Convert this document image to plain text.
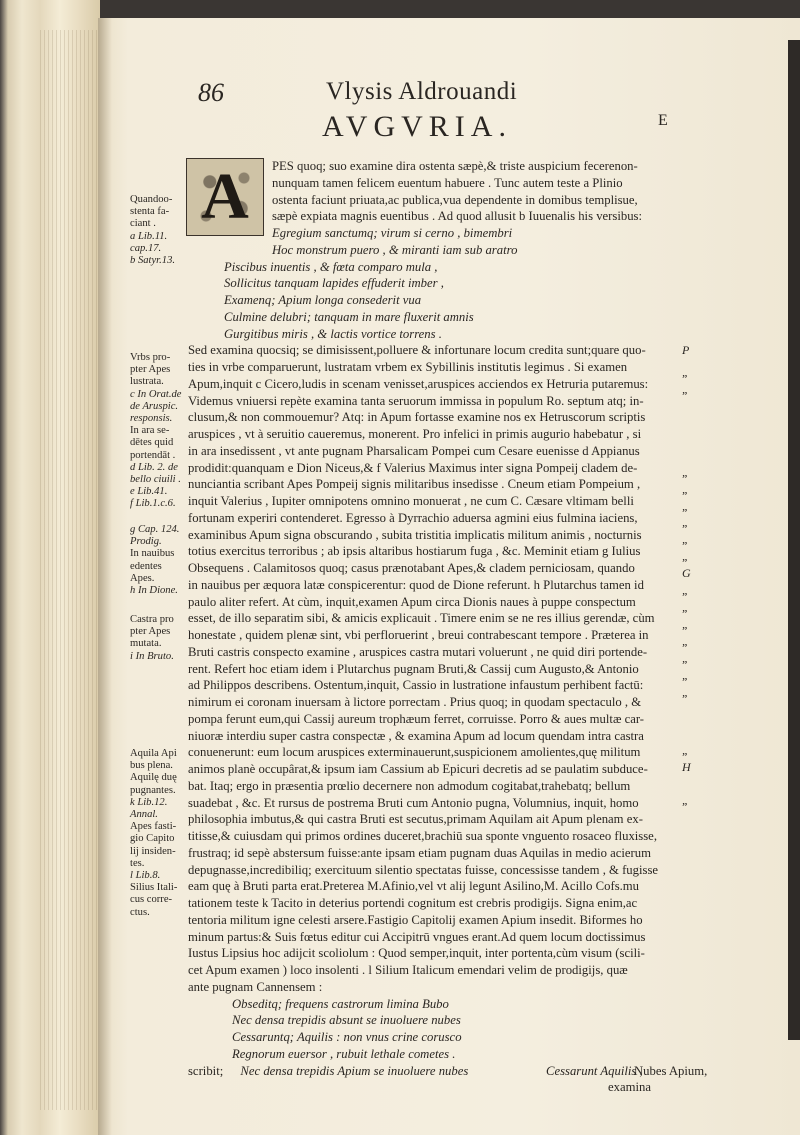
86	Vlysis Aldrouandi
AVGVRIA.	E
A	PES quoq; suo examine dira ostenta sæpè,& triste auspicium fecerenon-
nunquam tamen felicem euentum habuere . Tunc autem teste a Plinio
ostenta faciunt priuata,ac publica,vua dependente in domibus templisue,
sæpè expiata magnis euentibus . Ad quod allusit b Iuuenalis his versibus:
Egregium sanctumq; virum si cerno , bimembri
Hoc monstrum puero , & miranti iam sub aratro
Piscibus inuentis , & fœta comparo mula ,
Sollicitus tanquam lapides effuderit imber ,
Examenq; Apium longa consederit vua
Culmine delubri; tanquam in mare fluxerit amnis
Gurgitibus miris , & lactis vortice torrens .
Sed examina quocsiq; se dimisissent,polluere & infortunare locum credita sunt;quare quo-
ties in vrbe comparuerunt, lustratam vrbem ex Sybillinis institutis legimus . Si examen
Apum,inquit c Cicero,ludis in scenam venisset,aruspices acciendos ex Hetruria putaremus:
Videmus vniuersi repète examina tanta seruorum immissa in populum Ro. septum atq; in-
clusum,& non commouemur? Atq: in Apum fortasse examine nos ex Hetruscorum scriptis
aruspices , vt à seruitio caueremus, monerent. Pro infelici in primis augurio habebatur , si
in ara insedissent , vt ante pugnam Pharsalicam Pompei cum Cesare euenisse d Appianus
prodidit:quanquam e Dion Niceus,& f Valerius Maximus inter signa Pompeij cladem de-
nunciantia scribant Apes Pompeij signis militaribus insedisse . Cneum etiam Pompeium ,
inquit Valerius , Iupiter omnipotens omnino monuerat , ne cum C. Cæsare vltimam belli
fortunam experiri contenderet. Egresso à Dyrrachio aduersa agmini eius fulmina iaciens,
examinibus Apum signa obscurando , subita tristitia implicatis militum animis , nocturnis
totius exercitus terroribus ; ab ipsis altaribus hostiarum fuga , &c. Meminit etiam g Iulius
Obsequens . Calamitosos quoq; casus prænotabant Apes,& cladem perniciosam, quando
in nauibus per æquora latæ conspicerentur: quod de Dione referunt. h Plutarchus tamen id
paulo aliter refert. At cùm, inquit,examen Apum circa Dionis naues à puppe conspectum
esset, de illo separatim sibi, & amicis explicauit . Timere enim se ne res illius gerendæ, cùm
honestate , quidem plenæ sint, vbi perfloruerint , breui contrabescant tempore . Præterea in
Bruti castris conspecto examine , aruspices castra mutari voluerunt , ne quid diri portende-
rent. Refert hoc etiam idem i Plutarchus pugnam Bruti,& Cassij cum Augusto,& Antonio
ad Philippos describens. Ostentum,inquit, Cassio in lustratione infaustum perhibent factū:
nimirum ei coronam inuersam à lictore porrectam . Prius quoq; in quodam spectaculo , &
pompa ferunt eum,qui Cassij aureum trophæum ferret, corruisse. Porro & aues multæ car-
niuoræ interdiu super castra conspectæ , & examina Apum ad locum quendam intra castra
conuenerunt: eum locum aruspices exterminauerunt,suspicionem amolientes,quę militum
animos planè occupârat,& ipsum iam Cassium ab Epicuri decretis ad se paulatim subduce-
bat. Itaq; ergo in præsentia prœlio decernere non admodum cogitabat,trahebatq; bellum
suadebat , &c. Et rursus de postrema Bruti cum Antonio pugna, Volumnius, inquit, homo
philosophia imbutus,& qui castra Bruti est secutus,primam Aquilam ait Apum plenam ex-
titisse,& cuiusdam qui primos ordines duceret,brachiū sua sponte vnguento rosaceo fluxisse,
frustraq; id sepè abstersum fuisse:ante ipsam etiam pugnam duas Aquilas in medio acierum
depugnasse,incredibiliq; exercituum silentio spectatas fuisse, concessisse tandem , & fugisse
eam quę à Bruti parta erat.Preterea M.Afinio,vel vt alij legunt Asilino,M. Acillo Cofs.mu
tationem teste k Tacito in deterius portendi cognitum est crebris prodigijs. Signa enim,ac
tentoria militum igne celesti arsere.Fastigio Capitolij examen Apium insedit. Biformes ho
minum partus:& Suis fœtus editur cui Accipitrū vngues erant.Ad quem locum doctissimus
Iustus Lipsius hoc adijcit scoliolum : Quod semper,inquit, inter portenta,cùm visum (scili-
cet Apum examen ) loco insolenti . l Silium Italicum emendari velim de prodigijs, quæ
ante pugnam Cannensem :
Obseditq; frequens castrorum limina Bubo
Nec densa trepidis absunt se inuoluere nubes
Cessaruntq; Aquilis : non vnus crine corusco
Regnorum euersor , rubuit lethale cometes .
scribit; Nec densa trepidis Apium se inuoluere nubes	Cessarunt Aquilis ,
Nubes Apium,
examina
Quandoo-
stenta fa-
ciant .
a Lib.11.
cap.17.
b Satyr.13.
Vrbs pro-
pter Apes
lustrata.
c In Orat.de
de Aruspic.
responsis.
In ara se-
dētes quid
portendāt .
d Lib. 2. de
bello ciuili .
e Lib.41.
f Lib.1.c.6.
g Cap. 124.
Prodig.
In nauibus
edentes
Apes.
h In Dione.
Castra pro
pter Apes
mutata.
i In Bruto.
Aquila Api
bus plena.
Aquilę duę
pugnantes.
k Lib.12.
Annal.
Apes fasti-
gio Capito
lij insiden-
tes.
l Lib.8.
Silius Itali-
cus corre-
ctus.
P
„
„
„
„
„
„
„
„
G
„
„
„
„
„
„
„
„
„
H
